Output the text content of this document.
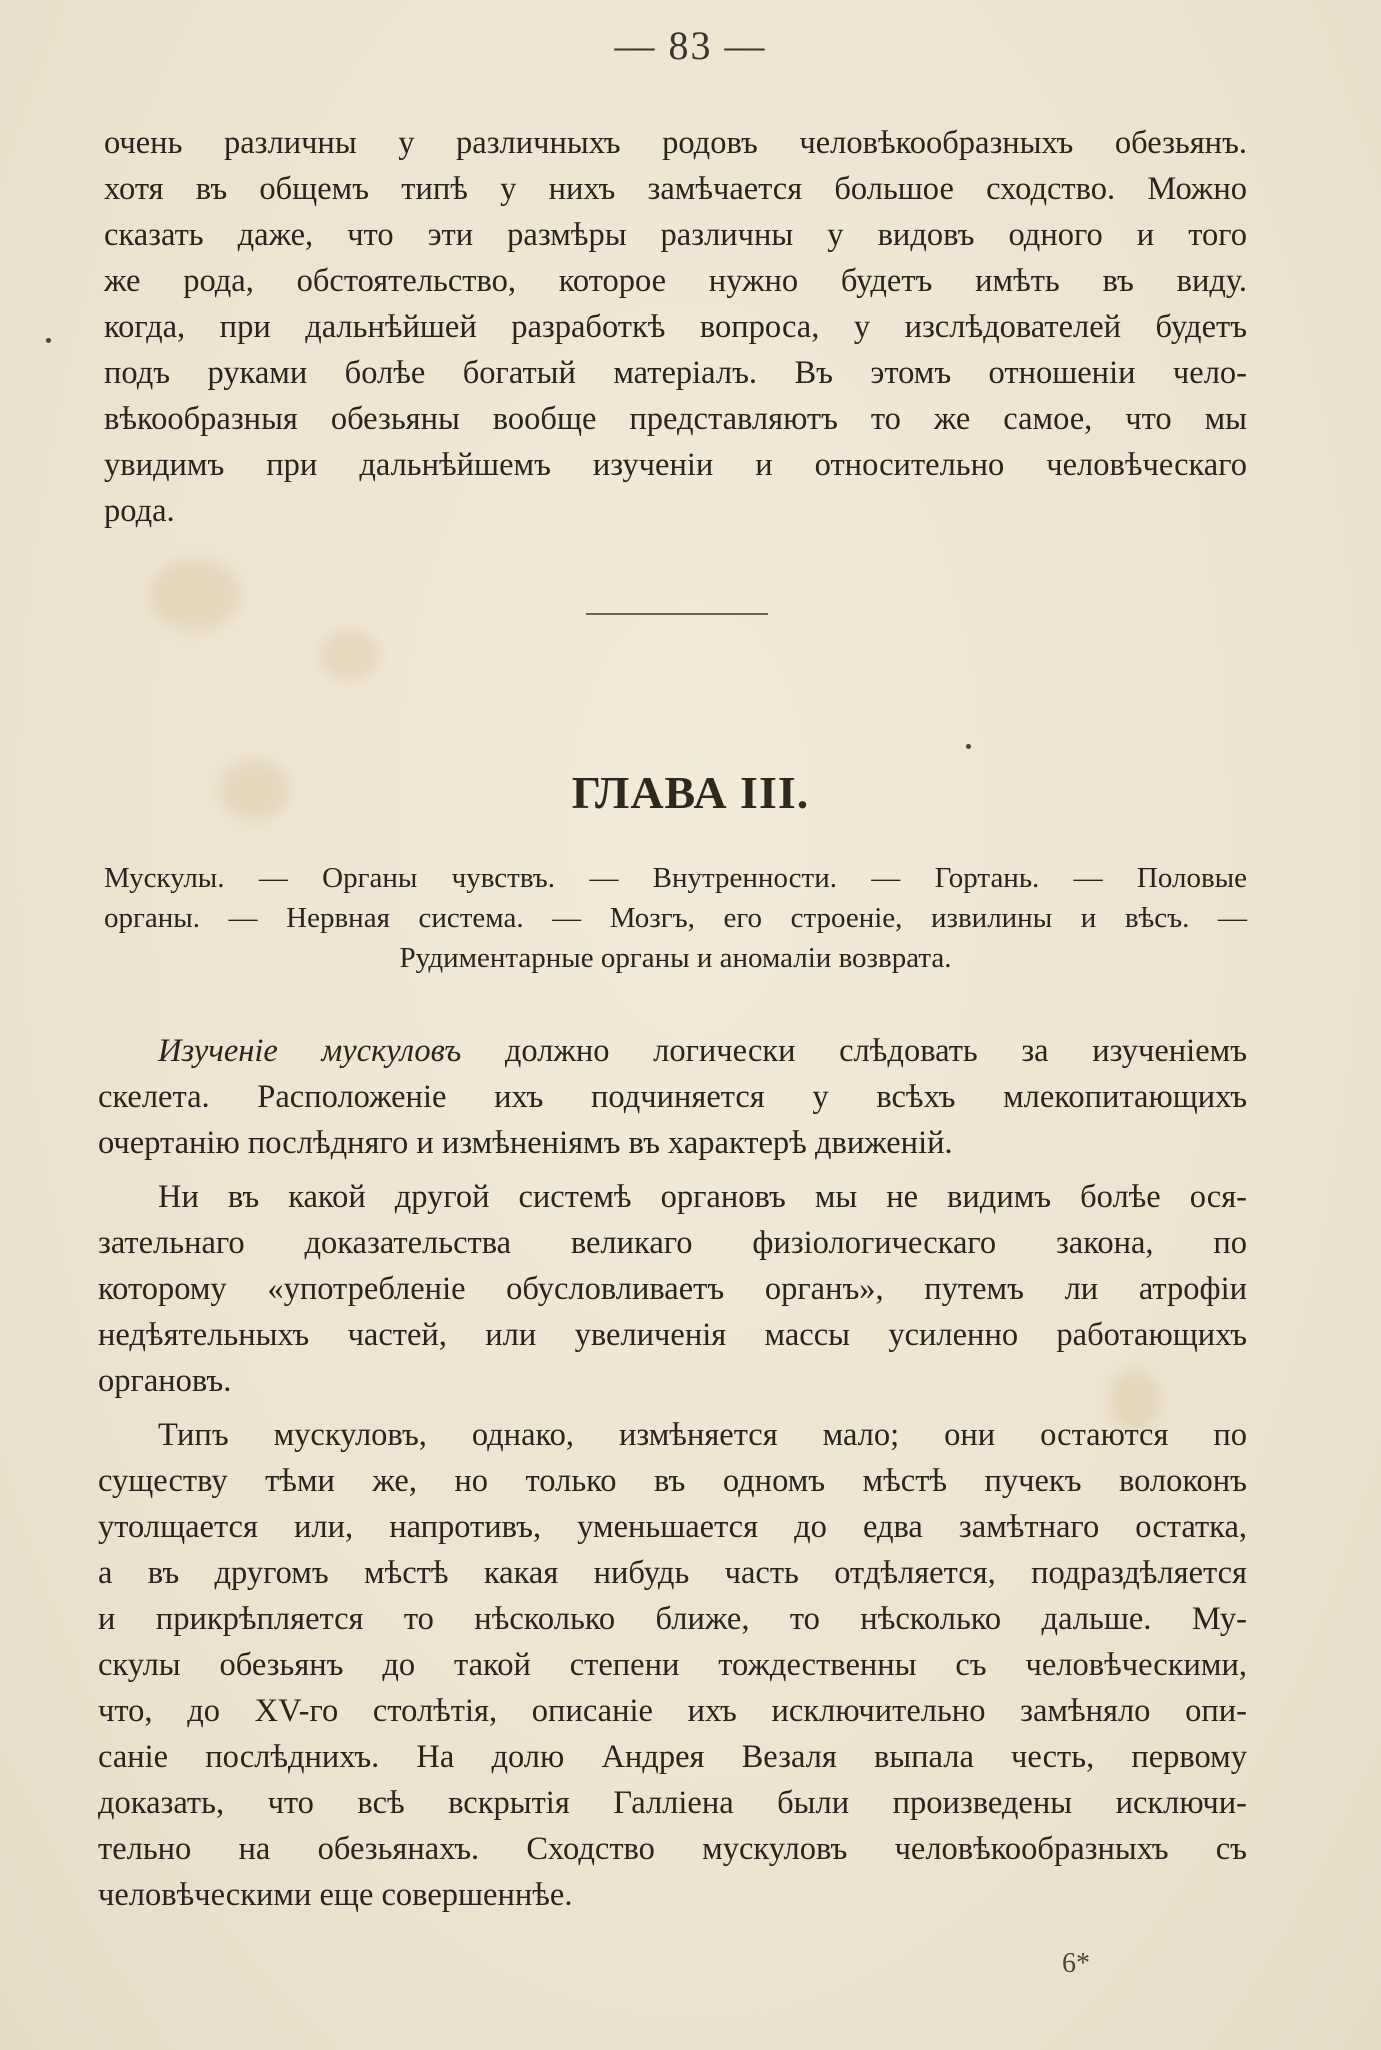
— 83 —
очень различны у различныхъ родовъ человѣкообразныхъ обезьянъ.
хотя въ общемъ типѣ у нихъ замѣчается большое сходство. Можно
сказать даже, что эти размѣры различны у видовъ одного и того
же рода, обстоятельство, которое нужно будетъ имѣть въ виду.
когда, при дальнѣйшей разработкѣ вопроса, у изслѣдователей будетъ
подъ руками болѣе богатый матеріалъ. Въ этомъ отношеніи чело-
вѣкообразныя обезьяны вообще представляютъ то же самое, что мы
увидимъ при дальнѣйшемъ изученіи и относительно человѣческаго
рода.
ГЛАВА III.
Мускулы. — Органы чувствъ. — Внутренности. — Гортань. — Половые
органы. — Нервная система. — Мозгъ, его строеніе, извилины и вѣсъ. —
Рудиментарные органы и аномаліи возврата.
Изученіе мускуловъ должно логически слѣдовать за изученіемъ
скелета. Расположеніе ихъ подчиняется у всѣхъ млекопитающихъ
очертанію послѣдняго и измѣненіямъ въ характерѣ движеній.
Ни въ какой другой системѣ органовъ мы не видимъ болѣе ося-
зательнаго доказательства великаго физіологическаго закона, по
которому «употребленіе обусловливаетъ органъ», путемъ ли атрофіи
недѣятельныхъ частей, или увеличенія массы усиленно работающихъ
органовъ.
Типъ мускуловъ, однако, измѣняется мало; они остаются по
существу тѣми же, но только въ одномъ мѣстѣ пучекъ волоконъ
утолщается или, напротивъ, уменьшается до едва замѣтнаго остатка,
а въ другомъ мѣстѣ какая нибудь часть отдѣляется, подраздѣляется
и прикрѣпляется то нѣсколько ближе, то нѣсколько дальше. Му-
скулы обезьянъ до такой степени тождественны съ человѣческими,
что, до XV-го столѣтія, описаніе ихъ исключительно замѣняло опи-
саніе послѣднихъ. На долю Андрея Везаля выпала честь, первому
доказать, что всѣ вскрытія Галліена были произведены исключи-
тельно на обезьянахъ. Сходство мускуловъ человѣкообразныхъ съ
человѣческими еще совершеннѣе.
6*
